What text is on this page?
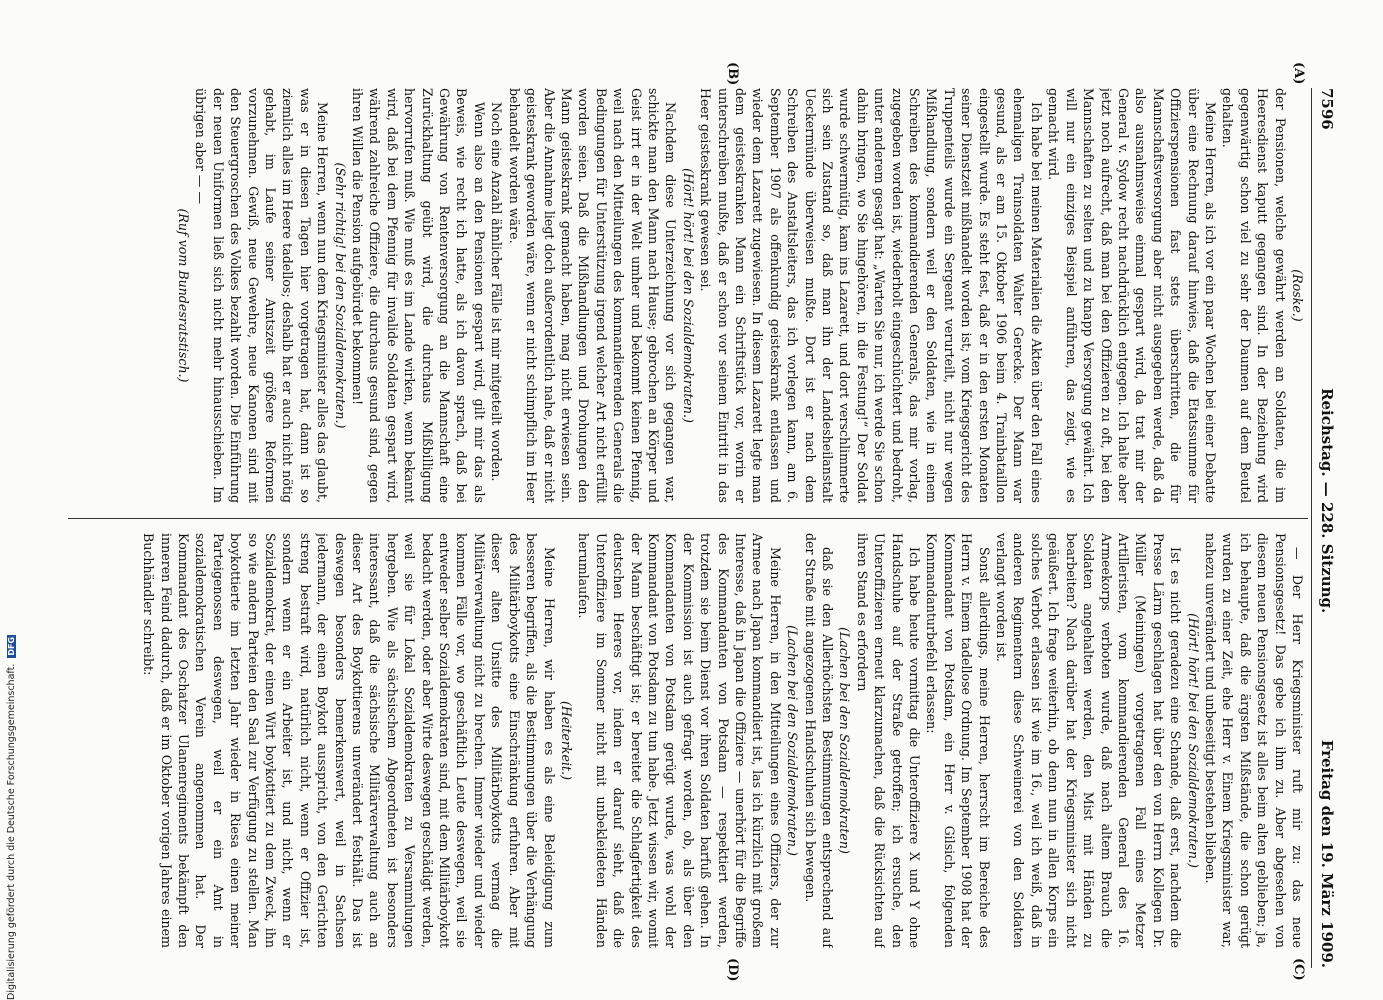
7596
Reichstag. — 228. Sitzung.
Freitag den 19. März 1909.
(A)
(B)
(C)
(D)

(Roske.)

der Pensionen, welche gewährt werden an Soldaten, die im Heeresdienst kaputt gegangen sind. In der Beziehung wird gegenwärtig schon viel zu sehr der Daumen auf dem Beutel gehalten.

Meine Herren, als ich vor ein paar Wochen bei einer Debatte über eine Rechnung darauf hinwies, daß die Etatssumme für Offizierspensionen fast stets überschritten, die für Mannschaftsversorgung aber nicht ausgegeben werde, daß da also ausnahmsweise einmal gespart wird, da trat mir der General v. Sydow recht nachdrücklich entgegen. Ich halte aber jetzt noch aufrecht, daß man bei den Offizieren zu oft, bei den Mannschaften zu selten und zu knapp Versorgung gewährt. Ich will nur ein einziges Beispiel anführen, das zeigt, wie es gemacht wird.

Ich habe bei meinen Materialien die Akten über den Fall eines ehemaligen Trainsoldaten Walter Gerecke. Der Mann war gesund, als er am 15. Oktober 1906 beim 4. Trainbataillon eingestellt wurde. Es steht fest, daß er in den ersten Monaten seiner Dienstzeit mißhandelt worden ist; vom Kriegsgericht des Truppenteils wurde ein Sergeant verurteilt, nicht nur wegen Mißhandlung, sondern weil er den Soldaten, wie in einem Schreiben des kommandierenden Generals, das mir vorlag, zugegeben worden ist, wiederholt eingeschüchtert und bedroht, unter anderem gesagt hat: „Warten Sie nur, ich werde Sie schon dahin bringen, wo Sie hingehören, in die Festung!“ Der Soldat wurde schwermütig, kam ins Lazarett, und dort verschlimmerte sich sein Zustand so, daß man ihn der Landesheilanstalt Ueckermünde überweisen mußte. Dort ist er nach dem Schreiben des Anstaltsleiters, das ich vorlegen kann, am 6. September 1907 als offenkundig geisteskrank entlassen und wieder dem Lazarett zugewiesen. In diesem Lazarett legte man dem geisteskranken Mann ein Schriftstück vor, worin er unterschreiben mußte, daß er schon vor seinem Eintritt in das Heer geisteskrank gewesen sei.

(Hört! hört! bei den Sozialdemokraten.)

Nachdem diese Unterzeichnung vor sich gegangen war, schickte man den Mann nach Hause; gebrochen an Körper und Geist irrt er in der Welt umher und bekommt keinen Pfennig, weil nach den Mitteilungen des kommandierenden Generals die Bedingungen für Unterstützung irgend welcher Art nicht erfüllt worden seien. Daß die Mißhandlungen und Drohungen den Mann geisteskrank gemacht haben, mag nicht erwiesen sein. Aber die Annahme liegt doch außerordentlich nahe, daß er nicht geisteskrank geworden wäre, wenn er nicht schimpflich im Heer behandelt worden wäre.

Noch eine Anzahl ähnlicher Fälle ist mir mitgeteilt worden.

Wenn also an den Pensionen gespart wird, gilt mir das als Beweis, wie recht ich hatte, als ich davon sprach, daß bei Gewährung von Rentenversorgung an die Mannschaft eine Zurückhaltung geübt wird, die durchaus Mißbilligung hervorrufen muß. Wie muß es im Lande wirken, wenn bekannt wird, daß bei dem Pfennig für invalide Soldaten gespart wird, während zahlreiche Offiziere, die durchaus gesund sind, gegen ihren Willen die Pension aufgebürdet bekommen!

(Sehr richtig! bei den Sozialdemokraten.)

Meine Herren, wenn nun dem Kriegsminister alles das glaubt, was er in diesen Tagen hier vorgetragen hat, dann ist so ziemlich alles im Heere tadellos; deshalb hat er auch nicht nötig gehabt, im Laufe seiner Amtszeit größere Reformen vorzunehmen. Gewiß, neue Gewehre, neue Kanonen sind mit den Steuergroschen des Volkes bezahlt worden. Die Einführung der neuen Uniformen ließ sich nicht mehr hinausschieben. Im übrigen aber — —

(Ruf vom Bundesratstisch.)

— Der Herr Kriegsminister ruft mir zu: das neue Pensionsgesetz! Das gebe ich ihm zu. Aber abgesehen von diesem neuen Pensionsgesetz ist alles beim alten geblieben; ja, ich behaupte, daß die ärgsten Mißstände, die schon gerügt wurden zu einer Zeit, ehe Herr v. Einem Kriegsminister war, nahezu unverändert und unbeseitigt bestehen blieben.

(Hört! hört! bei den Sozialdemokraten.)

Ist es nicht geradezu eine Schande, daß erst, nachdem die Presse Lärm geschlagen hat über den von Herrn Kollegen Dr. Müller (Meiningen) vorgetragenen Fall eines Metzer Artilleristen, vom kommandierenden General des 16. Armeekorps verboten wurde, daß nach altem Brauch die Soldaten angehalten werden, den Mist mit Händen zu bearbeiten? Nach darüber hat der Kriegsminister sich nicht geäußert. Ich frage weiterhin, ob denn nun in allen Korps ein solches Verbot erlassen ist wie im 16., weil ich weiß, daß in anderen Regimentern diese Schweinerei von den Soldaten verlangt worden ist.

Sonst allerdings, meine Herren, herrscht im Bereiche des Herrn v. Einem tadellose Ordnung. Im September 1908 hat der Kommandant von Potsdam, ein Herr v. Gilsich, folgenden Kommandanturbefehl erlassen:

Ich habe heute vormittag die Unteroffiziere X und Y ohne Handschuhe auf der Straße getroffen; ich ersuche, den Unteroffizieren erneut klarzumachen, daß die Rücksichten auf ihren Stand es erfordern

(Lachen bei den Sozialdemokraten)

daß sie den Allerhöchsten Bestimmungen entsprechend auf der Straße mit angezogenen Handschuhen sich bewegen.

(Lachen bei den Sozialdemokraten.)

Meine Herren, in den Mitteilungen eines Offiziers, der zur Armee nach Japan kommandiert ist, las ich kürzlich mit großem Interesse, daß in Japan die Offiziere — unerhört für die Begriffe des Kommandanten von Potsdam — respektiert werden, trotzdem sie beim Dienst vor ihren Soldaten barfuß gehen. In der Kommission ist auch gefragt worden, ob, als über den Kommandanten von Potsdam gerügt wurde, was wohl der Kommandant von Potsdam zu tun habe. Jetzt wissen wir, womit der Mann beschäftigt ist; er bereitet die Schlagfertigkeit des deutschen Heeres vor, indem er darauf sieht, daß die Unteroffiziere im Sommer nicht mit unbekleideten Händen herumlaufen.

(Heiterkeit.)

Meine Herren, wir haben es als eine Beleidigung zum besseren begriffen, als die Bestimmungen über die Verhängung des Militärboykotts eine Einschränkung erfuhren. Aber mit dieser alten Unsitte des Militärboykotts vermag die Militärverwaltung nicht zu brechen. Immer wieder und wieder kommen Fälle vor, wo geschäftlich Leute deswegen, weil sie entweder selber Sozialdemokraten sind, mit dem Militärboykott bedacht werden, oder aber Wirte deswegen geschädigt werden, weil sie für Lokal Sozialdemokraten zu Versammlungen hergeben. Wie als sächsischem Abgeordneten ist besonders interessant, daß die sächsische Militärverwaltung auch an dieser Art des Boykottierens unverändert festhält. Das ist deswegen besonders bemerkenswert, weil in Sachsen jedermann, der einen Boykott ausspricht, von den Gerichten streng bestraft wird, natürlich nicht, wenn er Offizier ist, sondern wenn er ein Arbeiter ist, und nicht, wenn er Sozialdemokrat, der einen Wirt boykottiert zu dem Zweck, ihn so wie andern Parteien den Saal zur Verfügung zu stellen. Man boykottierte im letzten Jahr wieder in Riesa einen meiner Parteigenossen deswegen, weil er ein Amt in sozialdemokratischen Verein angenommen hat. Der Kommandant des Oschatzer Ulanenregiments bekämpft den inneren Feind dadurch, daß er im Oktober vorigen Jahres einem Buchhändler schreibt:

Digitalisierung gefördert durch die Deutsche Forschungsgemeinschaft. DFG
